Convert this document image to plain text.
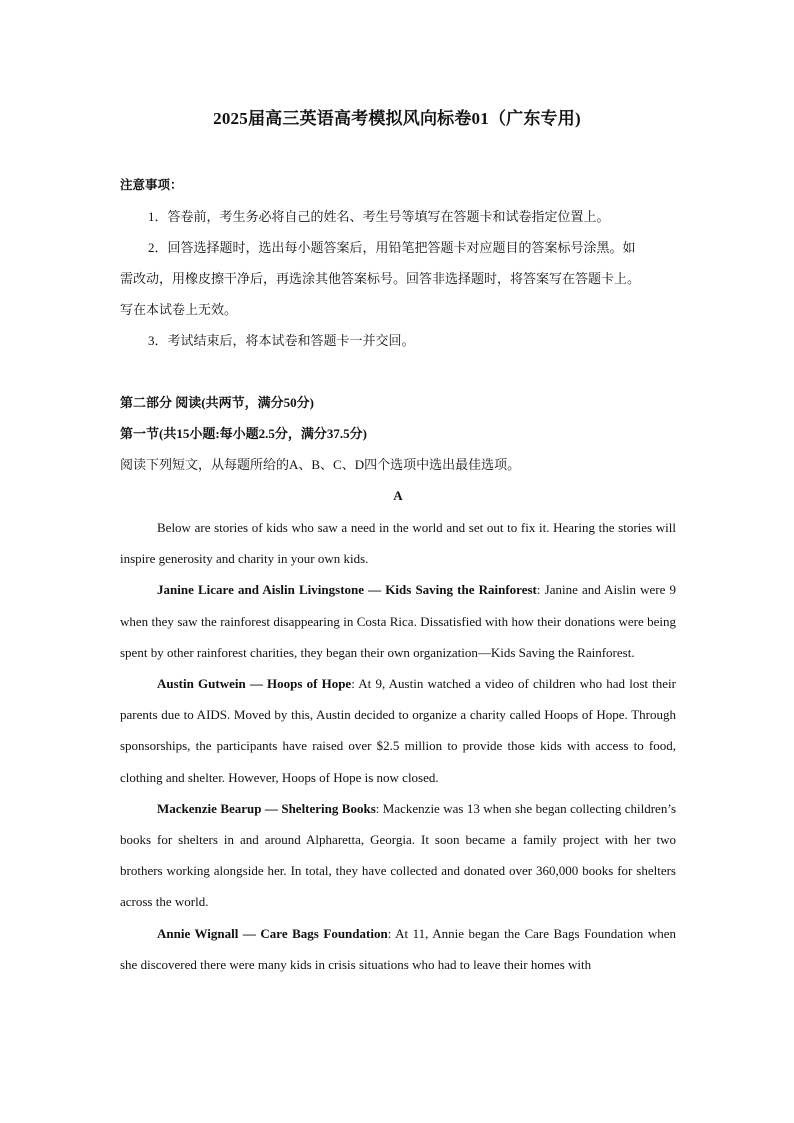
2025届高三英语高考模拟风向标卷01（广东专用)
注意事项：
1．答卷前，考生务必将自己的姓名、考生号等填写在答题卡和试卷指定位置上。
2．回答选择题时，选出每小题答案后，用铅笔把答题卡对应题目的答案标号涂黑。如
需改动，用橡皮擦干净后，再选涂其他答案标号。回答非选择题时，将答案写在答题卡上。
写在本试卷上无效。
3．考试结束后，将本试卷和答题卡一并交回。
第二部分 阅读(共两节，满分50分)
第一节(共15小题:每小题2.5分，满分37.5分)
阅读下列短文，从每题所给的A、B、C、D四个选项中选出最佳选项。
A

Below are stories of kids who saw a need in the world and set out to fix it. Hearing the stories will inspire generosity and charity in your own kids.

Janine Licare and Aislin Livingstone — Kids Saving the Rainforest: Janine and Aislin were 9 when they saw the rainforest disappearing in Costa Rica. Dissatisfied with how their donations were being spent by other rainforest charities, they began their own organization—Kids Saving the Rainforest.

Austin Gutwein — Hoops of Hope: At 9, Austin watched a video of children who had lost their parents due to AIDS. Moved by this, Austin decided to organize a charity called Hoops of Hope. Through sponsorships, the participants have raised over $2.5 million to provide those kids with access to food, clothing and shelter. However, Hoops of Hope is now closed.

Mackenzie Bearup — Sheltering Books: Mackenzie was 13 when she began collecting children’s books for shelters in and around Alpharetta, Georgia. It soon became a family project with her two brothers working alongside her. In total, they have collected and donated over 360,000 books for shelters across the world.

Annie Wignall — Care Bags Foundation: At 11, Annie began the Care Bags Foundation when she discovered there were many kids in crisis situations who had to leave their homes with
